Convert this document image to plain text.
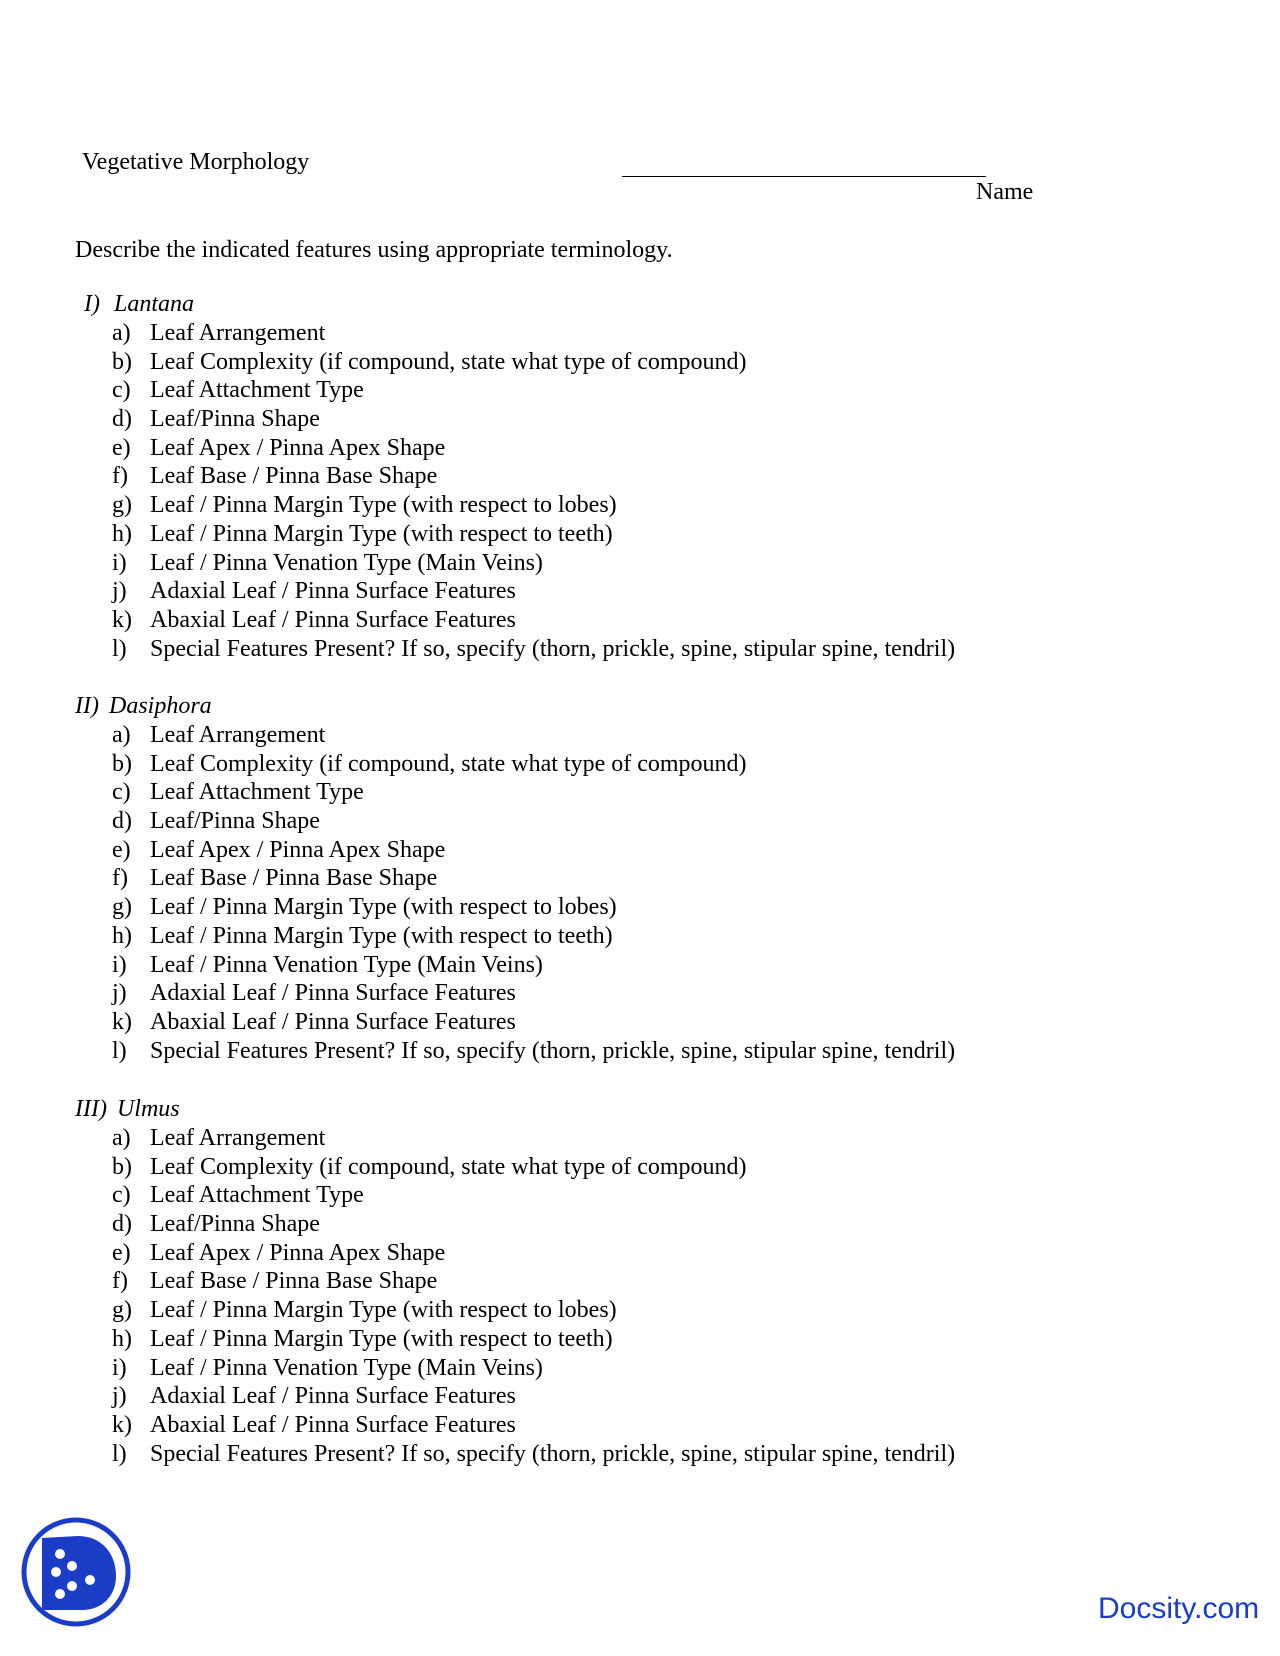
Vegetative Morphology
Name
Describe the indicated features using appropriate terminology.
I) Lantana
a) Leaf Arrangement
b) Leaf Complexity (if compound, state what type of compound)
c) Leaf Attachment Type
d) Leaf/Pinna Shape
e) Leaf Apex / Pinna Apex Shape
f) Leaf Base / Pinna Base Shape
g) Leaf / Pinna Margin Type (with respect to lobes)
h) Leaf / Pinna Margin Type (with respect to teeth)
i) Leaf / Pinna Venation Type (Main Veins)
j) Adaxial Leaf / Pinna Surface Features
k) Abaxial Leaf / Pinna Surface Features
l) Special Features Present? If so, specify (thorn, prickle, spine, stipular spine, tendril)
II) Dasiphora
a) Leaf Arrangement
b) Leaf Complexity (if compound, state what type of compound)
c) Leaf Attachment Type
d) Leaf/Pinna Shape
e) Leaf Apex / Pinna Apex Shape
f) Leaf Base / Pinna Base Shape
g) Leaf / Pinna Margin Type (with respect to lobes)
h) Leaf / Pinna Margin Type (with respect to teeth)
i) Leaf / Pinna Venation Type (Main Veins)
j) Adaxial Leaf / Pinna Surface Features
k) Abaxial Leaf / Pinna Surface Features
l) Special Features Present? If so, specify (thorn, prickle, spine, stipular spine, tendril)
III) Ulmus
a) Leaf Arrangement
b) Leaf Complexity (if compound, state what type of compound)
c) Leaf Attachment Type
d) Leaf/Pinna Shape
e) Leaf Apex / Pinna Apex Shape
f) Leaf Base / Pinna Base Shape
g) Leaf / Pinna Margin Type (with respect to lobes)
h) Leaf / Pinna Margin Type (with respect to teeth)
i) Leaf / Pinna Venation Type (Main Veins)
j) Adaxial Leaf / Pinna Surface Features
k) Abaxial Leaf / Pinna Surface Features
l) Special Features Present? If so, specify (thorn, prickle, spine, stipular spine, tendril)
Docsity.com
